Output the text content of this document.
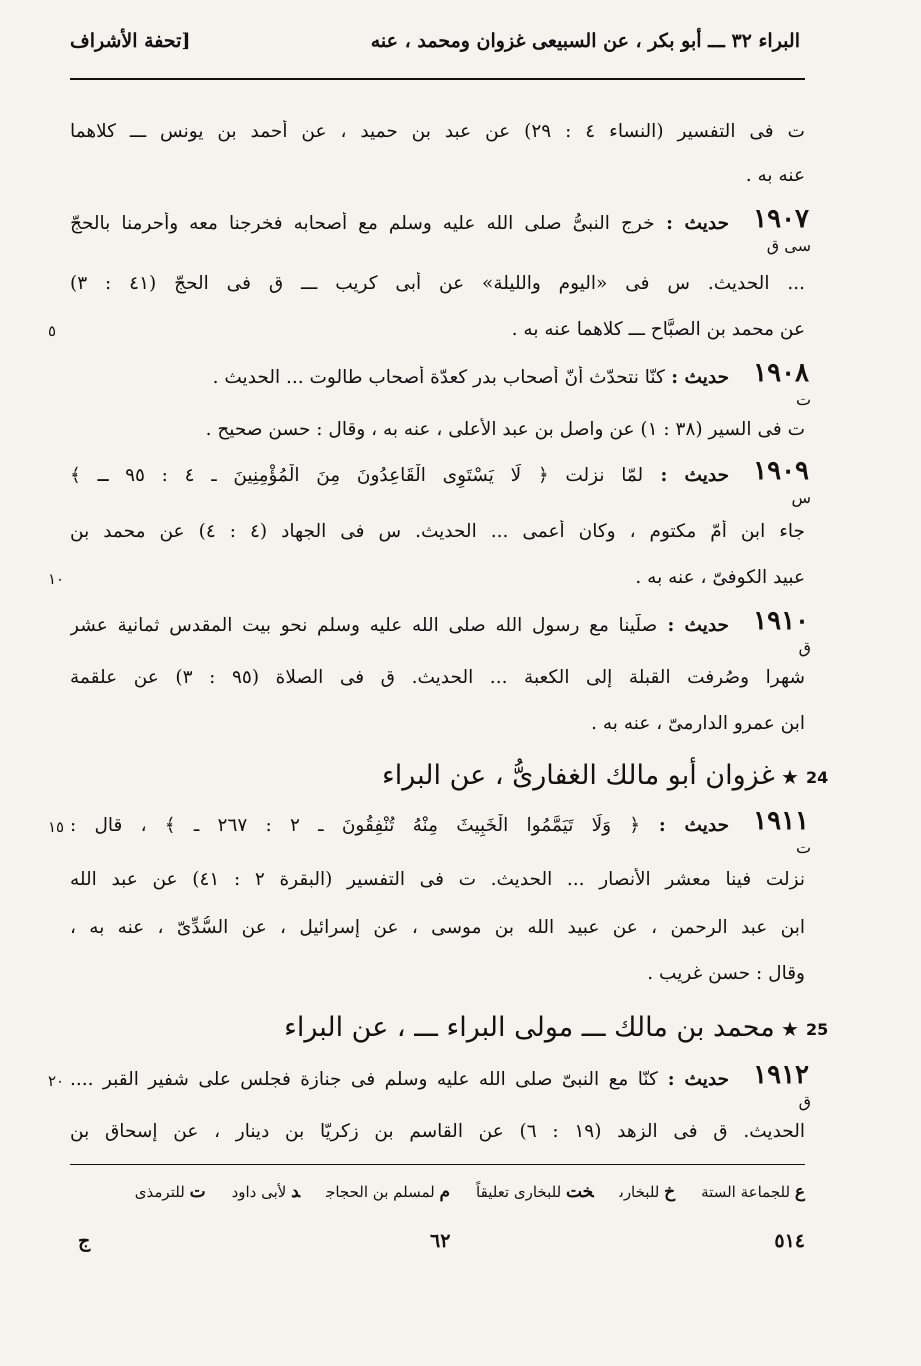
البراء ٣٢ ـــ أبو بكر ، عن السبيعى غزوان ومحمد ، عنه
[تحفة الأشراف
ت فى التفسير (النساء ٤ : ٢٩) عن عبد بن حميد ، عن أحمد بن يونس ـــ كلاهما
عنه به .
١٩٠٧
حديث : خرج النبىُّ صلى الله عليه وسلم مع أصحابه فخرجنا معه وأحرمنا بالحجّ
سى ق
... الحديث. س فى «اليوم والليلة» عن أبى كريب ـــ ق فى الحجّ (٤١ : ٣)
عن محمد بن الصبَّاح ـــ كلاهما عنه به .
٥
١٩٠٨
حديث : كنّا نتحدّث أنّ أصحاب بدر كعدّة أصحاب طالوت ... الحديث .
ت
ت فى السير (٣٨ : ١) عن واصل بن عبد الأعلى ، عنه به ، وقال : حسن صحيح .
١٩٠٩
حديث : لمّا نزلت ﴿ لَا يَسْتَوِى الْقَاعِدُونَ مِنَ الْمُؤْمِنِينَ ـ ٤ : ٩٥ ـ ﴾
س
جاء ابن أمّ مكتوم ، وكان أعمى ... الحديث. س فى الجهاد (٤ : ٤) عن محمد بن
عبيد الكوفىّ ، عنه به .
١٠
١٩١٠
حديث : صلّينا مع رسول الله صلى الله عليه وسلم نحو بيت المقدس ثمانية عشر
ق
شهرا وصُرفت القبلة إلى الكعبة ... الحديث. ق فى الصلاة (٩٥ : ٣) عن علقمة
ابن عمرو الدارمىّ ، عنه به .
24
★ غزوان أبو مالك الغفارىُّ ، عن البراء
١٩١١
حديث : ﴿ وَلَا تَيَمَّمُوا الْخَبِيثَ مِنْهُ تُنْفِقُونَ ـ ٢ : ٢٦٧ ـ ﴾ ، قال :
ت
١٥
نزلت فينا معشر الأنصار ... الحديث. ت فى التفسير (البقرة ٢ : ٤١) عن عبد الله
ابن عبد الرحمن ، عن عبيد الله بن موسى ، عن إسرائيل ، عن السُّدِّىّ ، عنه به ،
وقال : حسن غريب .
25
★ محمد بن مالك ـــ مولى البراء ـــ ، عن البراء
١٩١٢
حديث : كنّا مع النبىّ صلى الله عليه وسلم فى جنازة فجلس على شفير القبر ....
ق
٢٠
الحديث. ق فى الزهد (١٩ : ٦) عن القاسم بن زكريّا بن دينار ، عن إسحاق بن
ع للجماعة الستةخ للبخارىخت للبخارى تعليقاًم لمسلم بن الحجاجد لأبى داودت للترمذى
٥١٤
٦٢
ج
